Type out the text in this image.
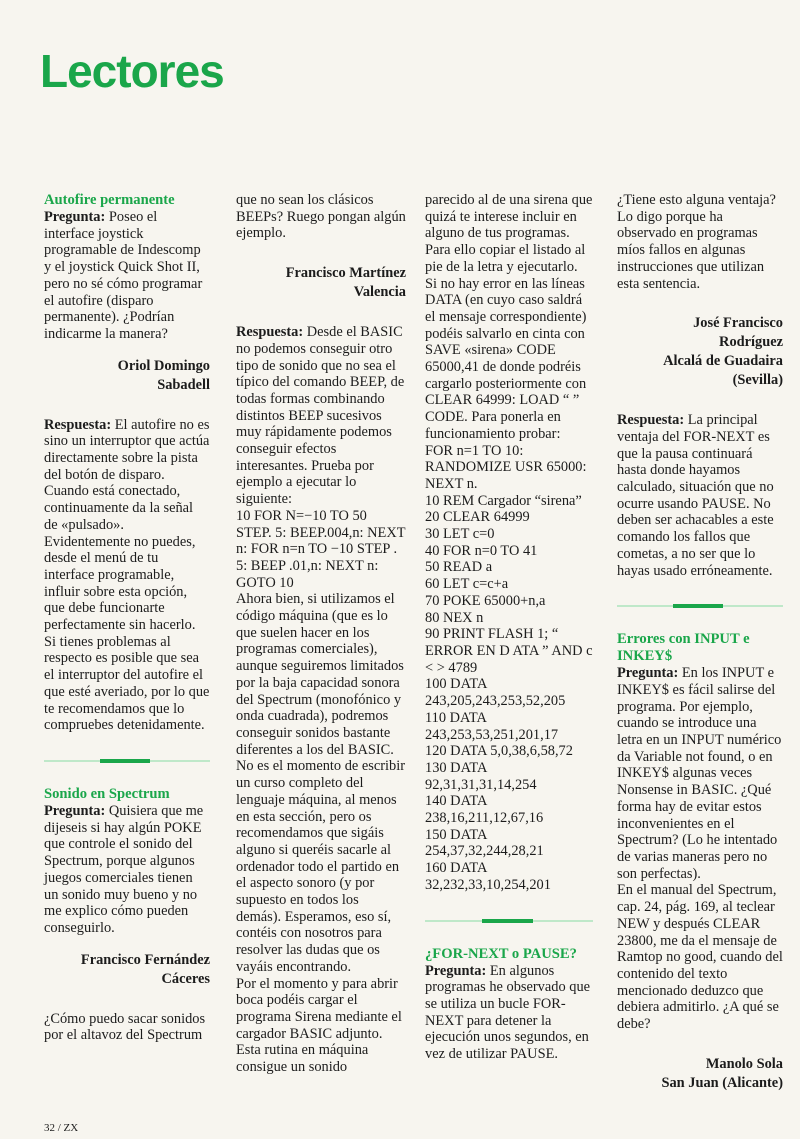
Lectores

Autofire permanente

Pregunta: Poseo el interface joystick programable de Indescomp y el joystick Quick Shot II, pero no sé cómo programar el autofire (disparo permanente). ¿Podrían indicarme la manera?

Oriol Domingo

Sabadell

Respuesta: El autofire no es sino un interruptor que actúa directamente sobre la pista del botón de disparo. Cuando está conectado, continuamente da la señal de «pulsado». Evidentemente no puedes, desde el menú de tu interface programable, influir sobre esta opción, que debe funcionarte perfectamente sin hacerlo. Si tienes problemas al respecto es posible que sea el interruptor del autofire el que esté averiado, por lo que te recomendamos que lo compruebes detenidamente.

Sonido en Spectrum

Pregunta: Quisiera que me dijeseis si hay algún POKE que controle el sonido del Spectrum, porque algunos juegos comerciales tienen un sonido muy bueno y no me explico cómo pueden conseguirlo.

Francisco Fernández

Cáceres

¿Cómo puedo sacar sonidos por el altavoz del Spectrum

que no sean los clásicos BEEPs? Ruego pongan algún ejemplo.

Francisco Martínez

Valencia

Respuesta: Desde el BASIC no podemos conseguir otro tipo de sonido que no sea el típico del comando BEEP, de todas formas combinando distintos BEEP sucesivos muy rápidamente podemos conseguir efectos interesantes. Prueba por ejemplo a ejecutar lo siguiente:

10 FOR N=−10 TO 50 STEP. 5: BEEP.004,n: NEXT n: FOR n=n TO −10 STEP . 5: BEEP .01,n: NEXT n: GOTO 10

Ahora bien, si utilizamos el código máquina (que es lo que suelen hacer en los programas comerciales), aunque seguiremos limitados por la baja capacidad sonora del Spectrum (monofónico y onda cuadrada), podremos conseguir sonidos bastante diferentes a los del BASIC. No es el momento de escribir un curso completo del lenguaje máquina, al menos en esta sección, pero os recomendamos que sigáis alguno si queréis sacarle al ordenador todo el partido en el aspecto sonoro (y por supuesto en todos los demás). Esperamos, eso sí, contéis con nosotros para resolver las dudas que os vayáis encontrando.

Por el momento y para abrir boca podéis cargar el programa Sirena mediante el cargador BASIC adjunto. Esta rutina en máquina consigue un sonido

parecido al de una sirena que quizá te interese incluir en alguno de tus programas. Para ello copiar el listado al pie de la letra y ejecutarlo. Si no hay error en las líneas DATA (en cuyo caso saldrá el mensaje correspondiente) podéis salvarlo en cinta con SAVE «sirena» CODE 65000,41 de donde podréis cargarlo posteriormente con CLEAR 64999: LOAD “ ” CODE. Para ponerla en funcionamiento probar:

FOR n=1 TO 10: RANDOMIZE USR 65000: NEXT n.

10 REM Cargador “sirena”
20 CLEAR 64999
30 LET c=0
40 FOR n=0 TO 41
50 READ a
60 LET c=c+a
70 POKE 65000+n,a
80 NEX n
90 PRINT FLASH 1; “ ERROR EN D ATA ” AND c < > 4789
100 DATA 243,205,243,253,52,205
110 DATA 243,253,53,251,201,17
120 DATA 5,0,38,6,58,72
130 DATA 92,31,31,31,14,254
140 DATA 238,16,211,12,67,16
150 DATA 254,37,32,244,28,21
160 DATA 32,232,33,10,254,201

¿FOR-NEXT o PAUSE?

Pregunta: En algunos programas he observado que se utiliza un bucle FOR-NEXT para detener la ejecución unos segundos, en vez de utilizar PAUSE.

¿Tiene esto alguna ventaja? Lo digo porque ha observado en programas míos fallos en algunas instrucciones que utilizan esta sentencia.

José Francisco

Rodríguez

Alcalá de Guadaira

(Sevilla)

Respuesta: La principal ventaja del FOR-NEXT es que la pausa continuará hasta donde hayamos calculado, situación que no ocurre usando PAUSE. No deben ser achacables a este comando los fallos que cometas, a no ser que lo hayas usado erróneamente.

Errores con INPUT e INKEY$

Pregunta: En los INPUT e INKEY$ es fácil salirse del programa. Por ejemplo, cuando se introduce una letra en un INPUT numérico da Variable not found, o en INKEY$ algunas veces Nonsense in BASIC. ¿Qué forma hay de evitar estos inconvenientes en el Spectrum? (Lo he intentado de varias maneras pero no son perfectas).

En el manual del Spectrum, cap. 24, pág. 169, al teclear NEW y después CLEAR 23800, me da el mensaje de Ramtop no good, cuando del contenido del texto mencionado deduzco que debiera admitirlo. ¿A qué se debe?

Manolo Sola

San Juan (Alicante)

32 / ZX
